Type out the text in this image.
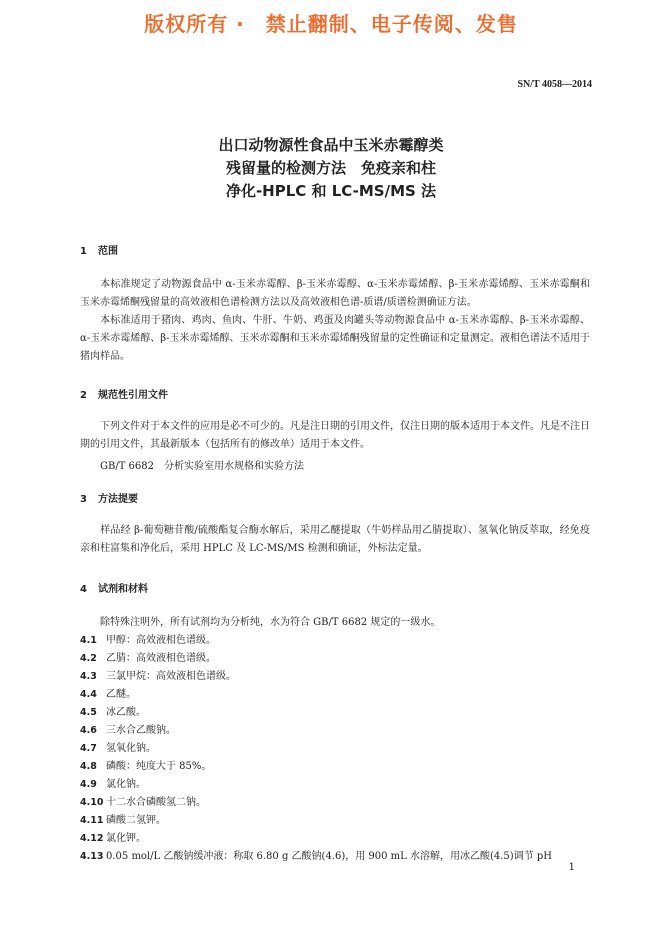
版权所有 ·　禁止翻制、电子传阅、发售
SN/T 4058—2014
出口动物源性食品中玉米赤霉醇类
残留量的检测方法　免疫亲和柱
净化-HPLC 和 LC-MS/MS 法
1 范围
本标准规定了动物源食品中 α-玉米赤霉醇、β-玉米赤霉醇、α-玉米赤霉烯醇、β-玉米赤霉烯醇、玉米赤霉酮和玉米赤霉烯酮残留量的高效液相色谱检测方法以及高效液相色谱-质谱/质谱检测确证方法。
本标准适用于猪肉、鸡肉、鱼肉、牛肝、牛奶、鸡蛋及肉罐头等动物源食品中 α-玉米赤霉醇、β-玉米赤霉醇、α-玉米赤霉烯醇、β-玉米赤霉烯醇、玉米赤霉酮和玉米赤霉烯酮残留量的定性确证和定量测定。液相色谱法不适用于猪肉样品。
2 规范性引用文件
下列文件对于本文件的应用是必不可少的。凡是注日期的引用文件，仅注日期的版本适用于本文件。凡是不注日期的引用文件，其最新版本（包括所有的修改单）适用于本文件。
GB/T 6682　分析实验室用水规格和实验方法
3 方法提要
样品经 β-葡萄糖苷酸/硫酸酯复合酶水解后，采用乙醚提取（牛奶样品用乙腈提取）、氢氧化钠反萃取，经免疫亲和柱富集和净化后，采用 HPLC 及 LC-MS/MS 检测和确证，外标法定量。
4 试剂和材料
除特殊注明外，所有试剂均为分析纯，水为符合 GB/T 6682 规定的一级水。
4.1 甲醇：高效液相色谱级。
4.2 乙腈：高效液相色谱级。
4.3 三氯甲烷：高效液相色谱级。
4.4 乙醚。
4.5 冰乙酸。
4.6 三水合乙酸钠。
4.7 氢氧化钠。
4.8 磷酸：纯度大于 85%。
4.9 氯化钠。
4.10 十二水合磷酸氢二钠。
4.11 磷酸二氢钾。
4.12 氯化钾。
4.13 0.05 mol/L 乙酸钠缓冲液：称取 6.80 g 乙酸钠(4.6)，用 900 mL 水溶解，用冰乙酸(4.5)调节 pH
1
